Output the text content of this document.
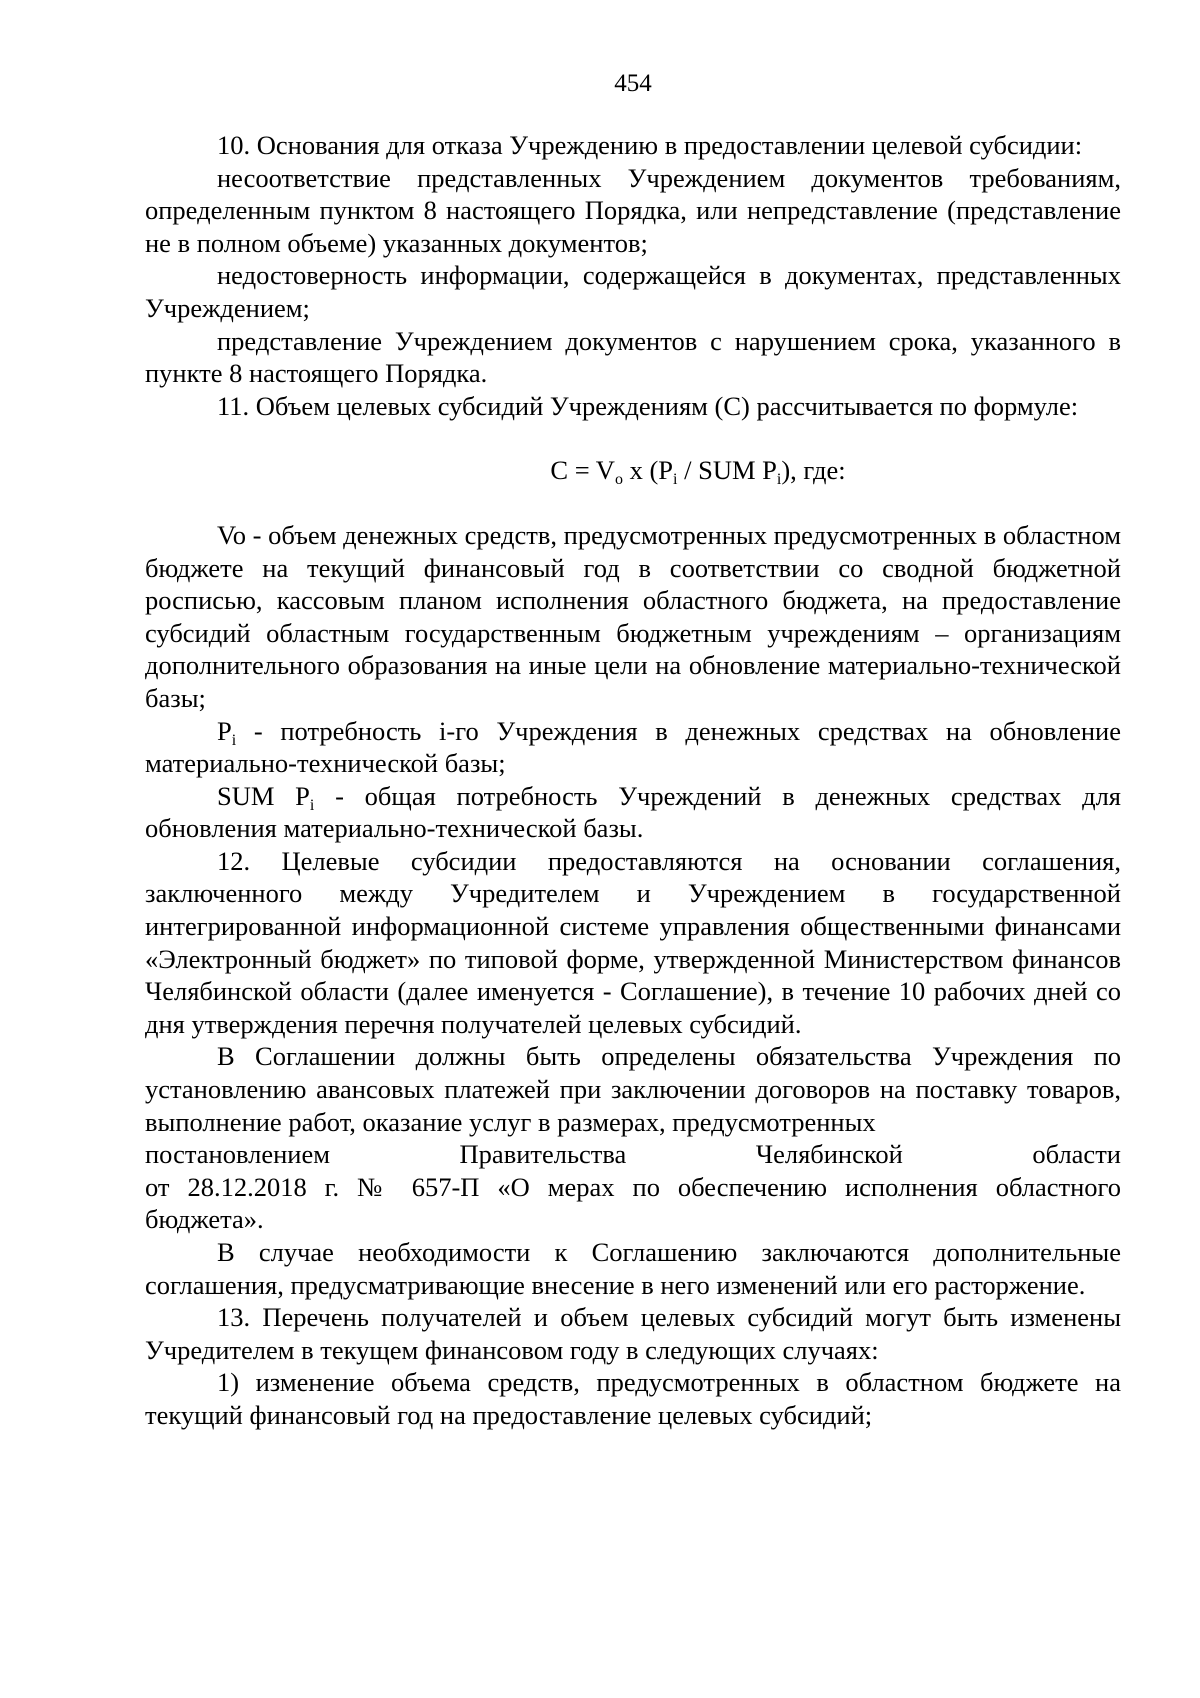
454

10. Основания для отказа Учреждению в предоставлении целевой субсидии:

несоответствие представленных Учреждением документов требованиям, определенным пунктом 8 настоящего Порядка, или непредставление (представление не в полном объеме) указанных документов;

недостоверность информации, содержащейся в документах, представленных Учреждением;

представление Учреждением документов с нарушением срока, указанного в пункте 8 настоящего Порядка.

11. Объем целевых субсидий Учреждениям (С) рассчитывается по формуле:

$C = V_o$ x ($P_i$ / SUM $P_i$), где:

Vo - объем денежных средств, предусмотренных предусмотренных в областном бюджете на текущий финансовый год в соответствии со сводной бюджетной росписью, кассовым планом исполнения областного бюджета, на предоставление субсидий областным государственным бюджетным учреждениям – организациям дополнительного образования на иные цели на обновление материально-технической базы;

$P_i$ - потребность i-го Учреждения в денежных средствах на обновление материально-технической базы;

SUM $P_i$ - общая потребность Учреждений в денежных средствах для обновления материально-технической базы.

12. Целевые субсидии предоставляются на основании соглашения, заключенного между Учредителем и Учреждением в государственной интегрированной информационной системе управления общественными финансами «Электронный бюджет» по типовой форме, утвержденной Министерством финансов Челябинской области (далее именуется - Соглашение), в течение 10 рабочих дней со дня утверждения перечня получателей целевых субсидий.

В Соглашении должны быть определены обязательства Учреждения по установлению авансовых платежей при заключении договоров на поставку товаров, выполнение работ, оказание услуг в размерах, предусмотренных

постановлением	Правительства	Челябинской	области

от 28.12.2018 г. № 657-П «О мерах по обеспечению исполнения областного бюджета».

В случае необходимости к Соглашению заключаются дополнительные соглашения, предусматривающие внесение в него изменений или его расторжение.

13. Перечень получателей и объем целевых субсидий могут быть изменены Учредителем в текущем финансовом году в следующих случаях:

1) изменение объема средств, предусмотренных в областном бюджете на текущий финансовый год на предоставление целевых субсидий;
